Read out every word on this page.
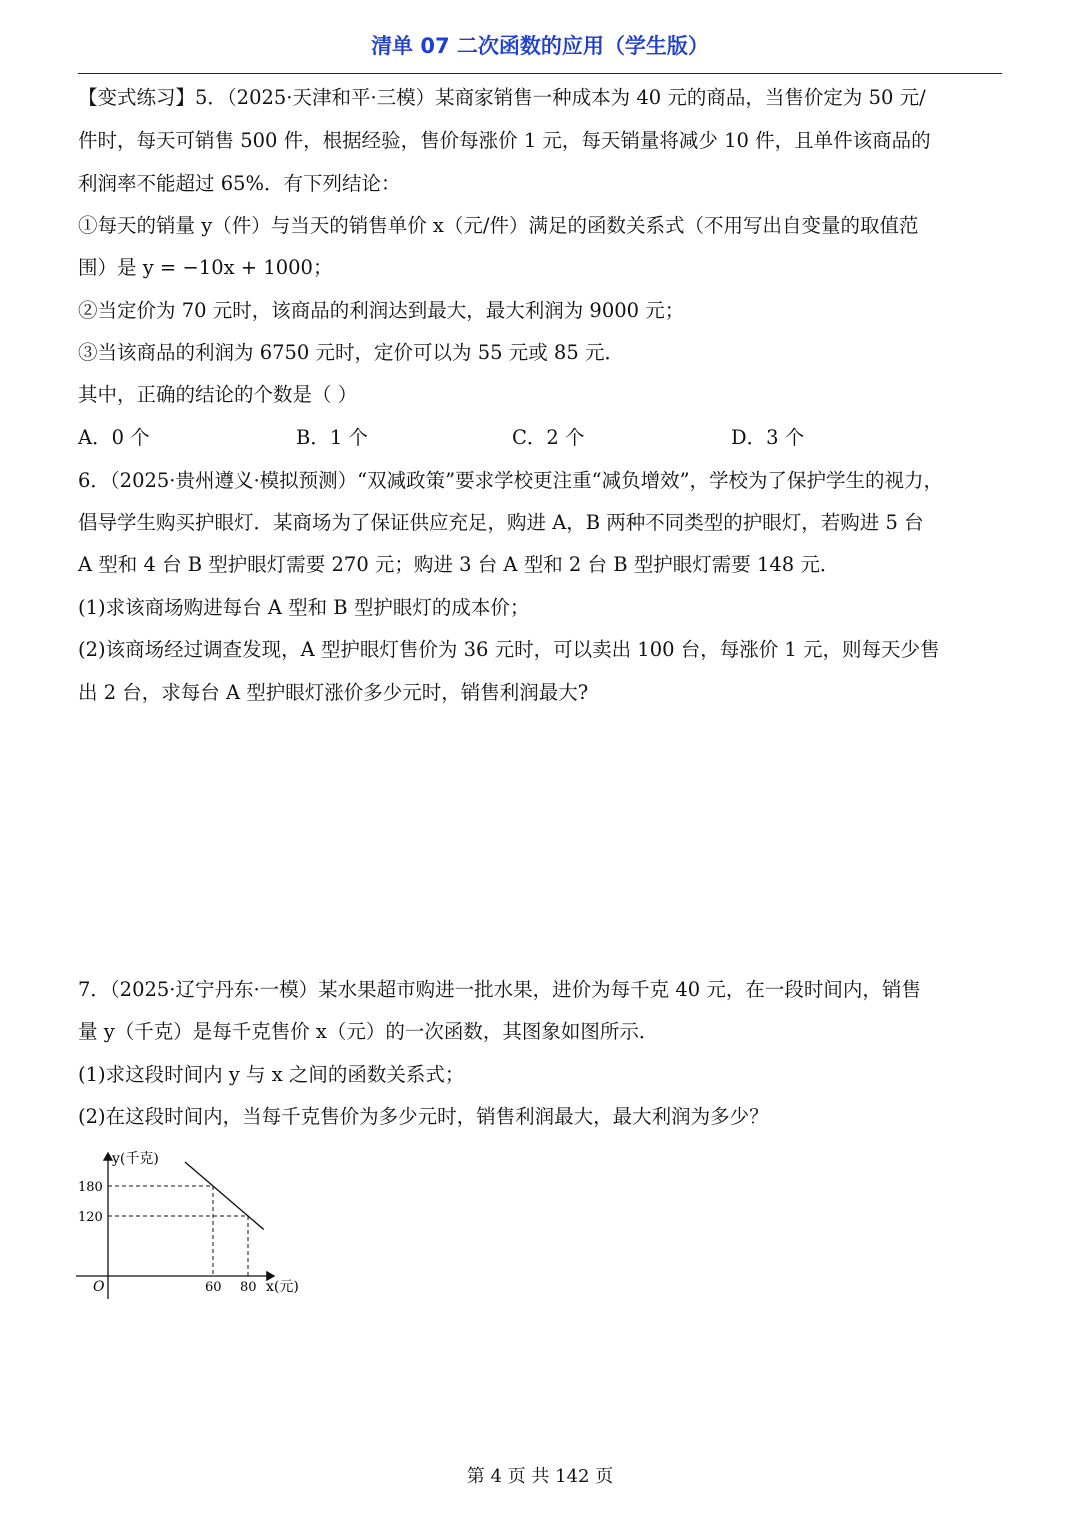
清单 07 二次函数的应用（学生版）
【变式练习】5．（2025·天津和平·三模）某商家销售一种成本为 40 元的商品，当售价定为 50 元/
件时，每天可销售 500 件，根据经验，售价每涨价 1 元，每天销量将减少 10 件，且单件该商品的
利润率不能超过 65%．有下列结论：
①每天的销量 y（件）与当天的销售单价 x（元/件）满足的函数关系式（不用写出自变量的取值范
围）是 y = −10x + 1000；
②当定价为 70 元时，该商品的利润达到最大，最大利润为 9000 元；
③当该商品的利润为 6750 元时，定价可以为 55 元或 85 元．
其中，正确的结论的个数是（ ）
A．0 个	B．1 个	C．2 个	D．3 个
6．（2025·贵州遵义·模拟预测）“双减政策”要求学校更注重“减负增效”，学校为了保护学生的视力，
倡导学生购买护眼灯．某商场为了保证供应充足，购进 A，B 两种不同类型的护眼灯，若购进 5 台
A 型和 4 台 B 型护眼灯需要 270 元；购进 3 台 A 型和 2 台 B 型护眼灯需要 148 元．
(1)求该商场购进每台 A 型和 B 型护眼灯的成本价；
(2)该商场经过调查发现，A 型护眼灯售价为 36 元时，可以卖出 100 台，每涨价 1 元，则每天少售
出 2 台，求每台 A 型护眼灯涨价多少元时，销售利润最大?
7．（2025·辽宁丹东·一模）某水果超市购进一批水果，进价为每千克 40 元，在一段时间内，销售
量 y（千克）是每千克售价 x（元）的一次函数，其图象如图所示．
(1)求这段时间内 y 与 x 之间的函数关系式；
(2)在这段时间内，当每千克售价为多少元时，销售利润最大，最大利润为多少？
60 80
180
120
y(千克)
x(元)
O
第 4 页 共 142 页
